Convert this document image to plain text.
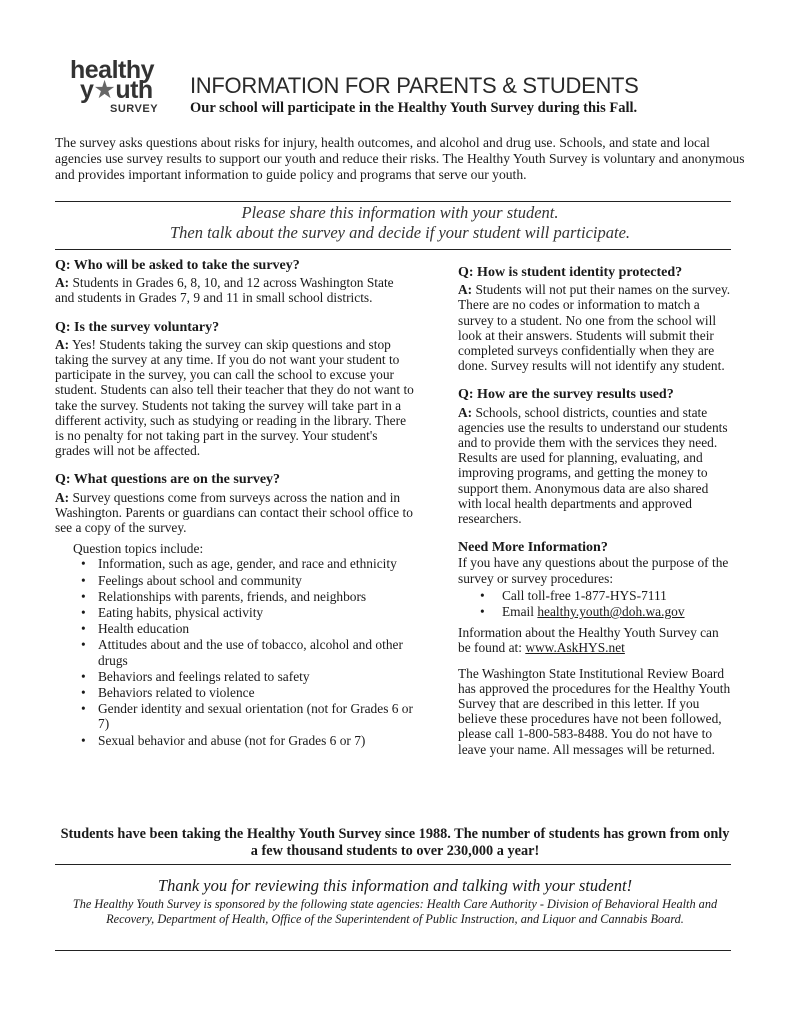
healthy
y★uth
SURVEY
INFORMATION FOR PARENTS & STUDENTS
Our school will participate in the Healthy Youth Survey during this Fall.
The survey asks questions about risks for injury, health outcomes, and alcohol and drug use. Schools, and state and local agencies use survey results to support our youth and reduce their risks. The Healthy Youth Survey is voluntary and anonymous and provides important information to guide policy and programs that serve our youth.
Please share this information with your student.
Then talk about the survey and decide if your student will participate.
Q: Who will be asked to take the survey?
A: Students in Grades 6, 8, 10, and 12 across Washington State and students in Grades 7, 9 and 11 in small school districts.
Q: Is the survey voluntary?
A: Yes! Students taking the survey can skip questions and stop taking the survey at any time. If you do not want your student to participate in the survey, you can call the school to excuse your student. Students can also tell their teacher that they do not want to take the survey. Students not taking the survey will take part in a different activity, such as studying or reading in the library. There is no penalty for not taking part in the survey. Your student's grades will not be affected.
Q: What questions are on the survey?
A: Survey questions come from surveys across the nation and in Washington. Parents or guardians can contact their school office to see a copy of the survey.
Question topics include:
• Information, such as age, gender, and race and ethnicity
• Feelings about school and community
• Relationships with parents, friends, and neighbors
• Eating habits, physical activity
• Health education
• Attitudes about and the use of tobacco, alcohol and other drugs
• Behaviors and feelings related to safety
• Behaviors related to violence
• Gender identity and sexual orientation (not for Grades 6 or 7)
• Sexual behavior and abuse (not for Grades 6 or 7)
Q: How is student identity protected?
A: Students will not put their names on the survey. There are no codes or information to match a survey to a student. No one from the school will look at their answers. Students will submit their completed surveys confidentially when they are done. Survey results will not identify any student.
Q: How are the survey results used?
A: Schools, school districts, counties and state agencies use the results to understand our students and to provide them with the services they need. Results are used for planning, evaluating, and improving programs, and getting the money to support them. Anonymous data are also shared with local health departments and approved researchers.
Need More Information?
If you have any questions about the purpose of the survey or survey procedures:
• Call toll-free 1-877-HYS-7111
• Email healthy.youth@doh.wa.gov
Information about the Healthy Youth Survey can be found at: www.AskHYS.net
The Washington State Institutional Review Board has approved the procedures for the Healthy Youth Survey that are described in this letter. If you believe these procedures have not been followed, please call 1-800-583-8488. You do not have to leave your name. All messages will be returned.
Students have been taking the Healthy Youth Survey since 1988. The number of students has grown from only a few thousand students to over 230,000 a year!
Thank you for reviewing this information and talking with your student!
The Healthy Youth Survey is sponsored by the following state agencies: Health Care Authority - Division of Behavioral Health and Recovery, Department of Health, Office of the Superintendent of Public Instruction, and Liquor and Cannabis Board.
